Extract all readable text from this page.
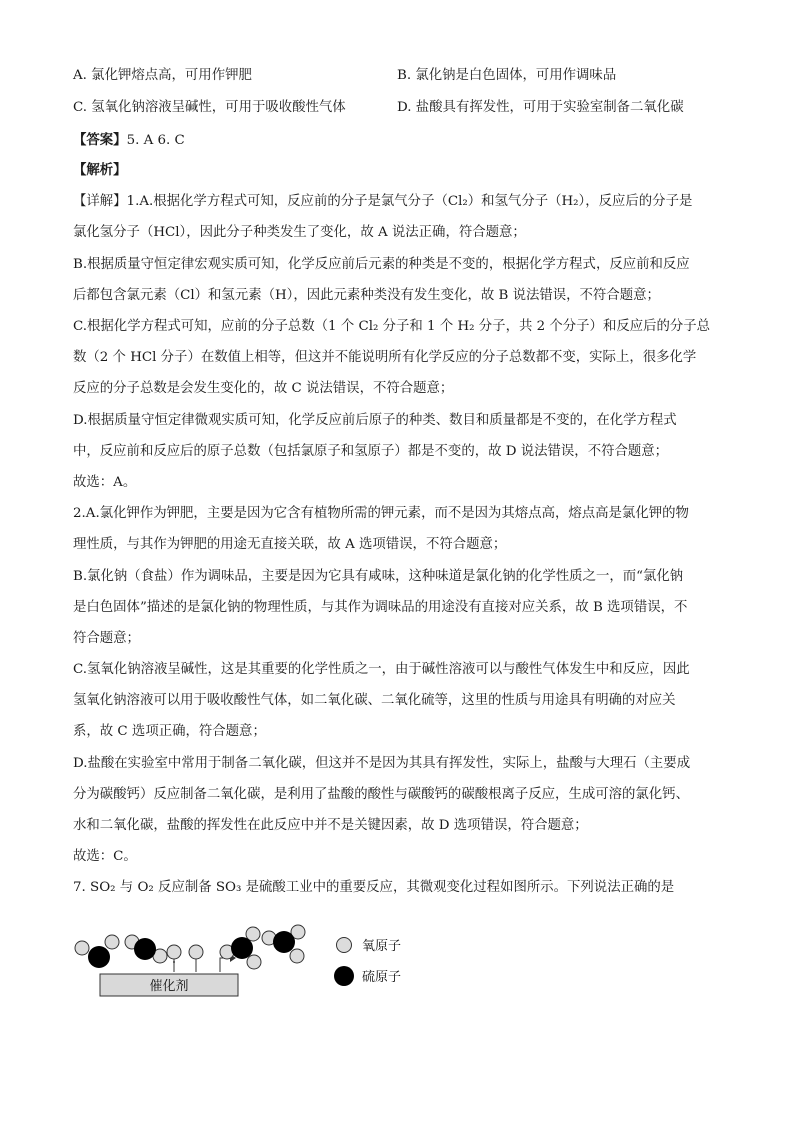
A. 氯化钾熔点高，可用作钾肥	B. 氯化钠是白色固体，可用作调味品
C. 氢氧化钠溶液呈碱性，可用于吸收酸性气体	D. 盐酸具有挥发性，可用于实验室制备二氧化碳
【答案】5. A 6. C
【解析】
【详解】1.A.根据化学方程式可知，反应前的分子是氯气分子（Cl₂）和氢气分子（H₂），反应后的分子是
氯化氢分子（HCl），因此分子种类发生了变化，故 A 说法正确，符合题意；
B.根据质量守恒定律宏观实质可知，化学反应前后元素的种类是不变的，根据化学方程式，反应前和反应
后都包含氯元素（Cl）和氢元素（H），因此元素种类没有发生变化，故 B 说法错误，不符合题意；
C.根据化学方程式可知，应前的分子总数（1 个 Cl₂ 分子和 1 个 H₂ 分子，共 2 个分子）和反应后的分子总
数（2 个 HCl 分子）在数值上相等，但这并不能说明所有化学反应的分子总数都不变，实际上，很多化学
反应的分子总数是会发生变化的，故 C 说法错误，不符合题意；
D.根据质量守恒定律微观实质可知，化学反应前后原子的种类、数目和质量都是不变的，在化学方程式
中，反应前和反应后的原子总数（包括氯原子和氢原子）都是不变的，故 D 说法错误，不符合题意；
故选：A。
2.A.氯化钾作为钾肥，主要是因为它含有植物所需的钾元素，而不是因为其熔点高，熔点高是氯化钾的物
理性质，与其作为钾肥的用途无直接关联，故 A 选项错误，不符合题意；
B.氯化钠（食盐）作为调味品，主要是因为它具有咸味，这种味道是氯化钠的化学性质之一，而“氯化钠
是白色固体”描述的是氯化钠的物理性质，与其作为调味品的用途没有直接对应关系，故 B 选项错误，不
符合题意；
C.氢氧化钠溶液呈碱性，这是其重要的化学性质之一，由于碱性溶液可以与酸性气体发生中和反应，因此
氢氧化钠溶液可以用于吸收酸性气体，如二氧化碳、二氧化硫等，这里的性质与用途具有明确的对应关
系，故 C 选项正确，符合题意；
D.盐酸在实验室中常用于制备二氧化碳，但这并不是因为其具有挥发性，实际上，盐酸与大理石（主要成
分为碳酸钙）反应制备二氧化碳，是利用了盐酸的酸性与碳酸钙的碳酸根离子反应，生成可溶的氯化钙、
水和二氧化碳，盐酸的挥发性在此反应中并不是关键因素，故 D 选项错误，符合题意；
故选：C。
7. SO₂ 与 O₂ 反应制备 SO₃ 是硫酸工业中的重要反应，其微观变化过程如图所示。下列说法正确的是
催化剂
氧原子
硫原子
